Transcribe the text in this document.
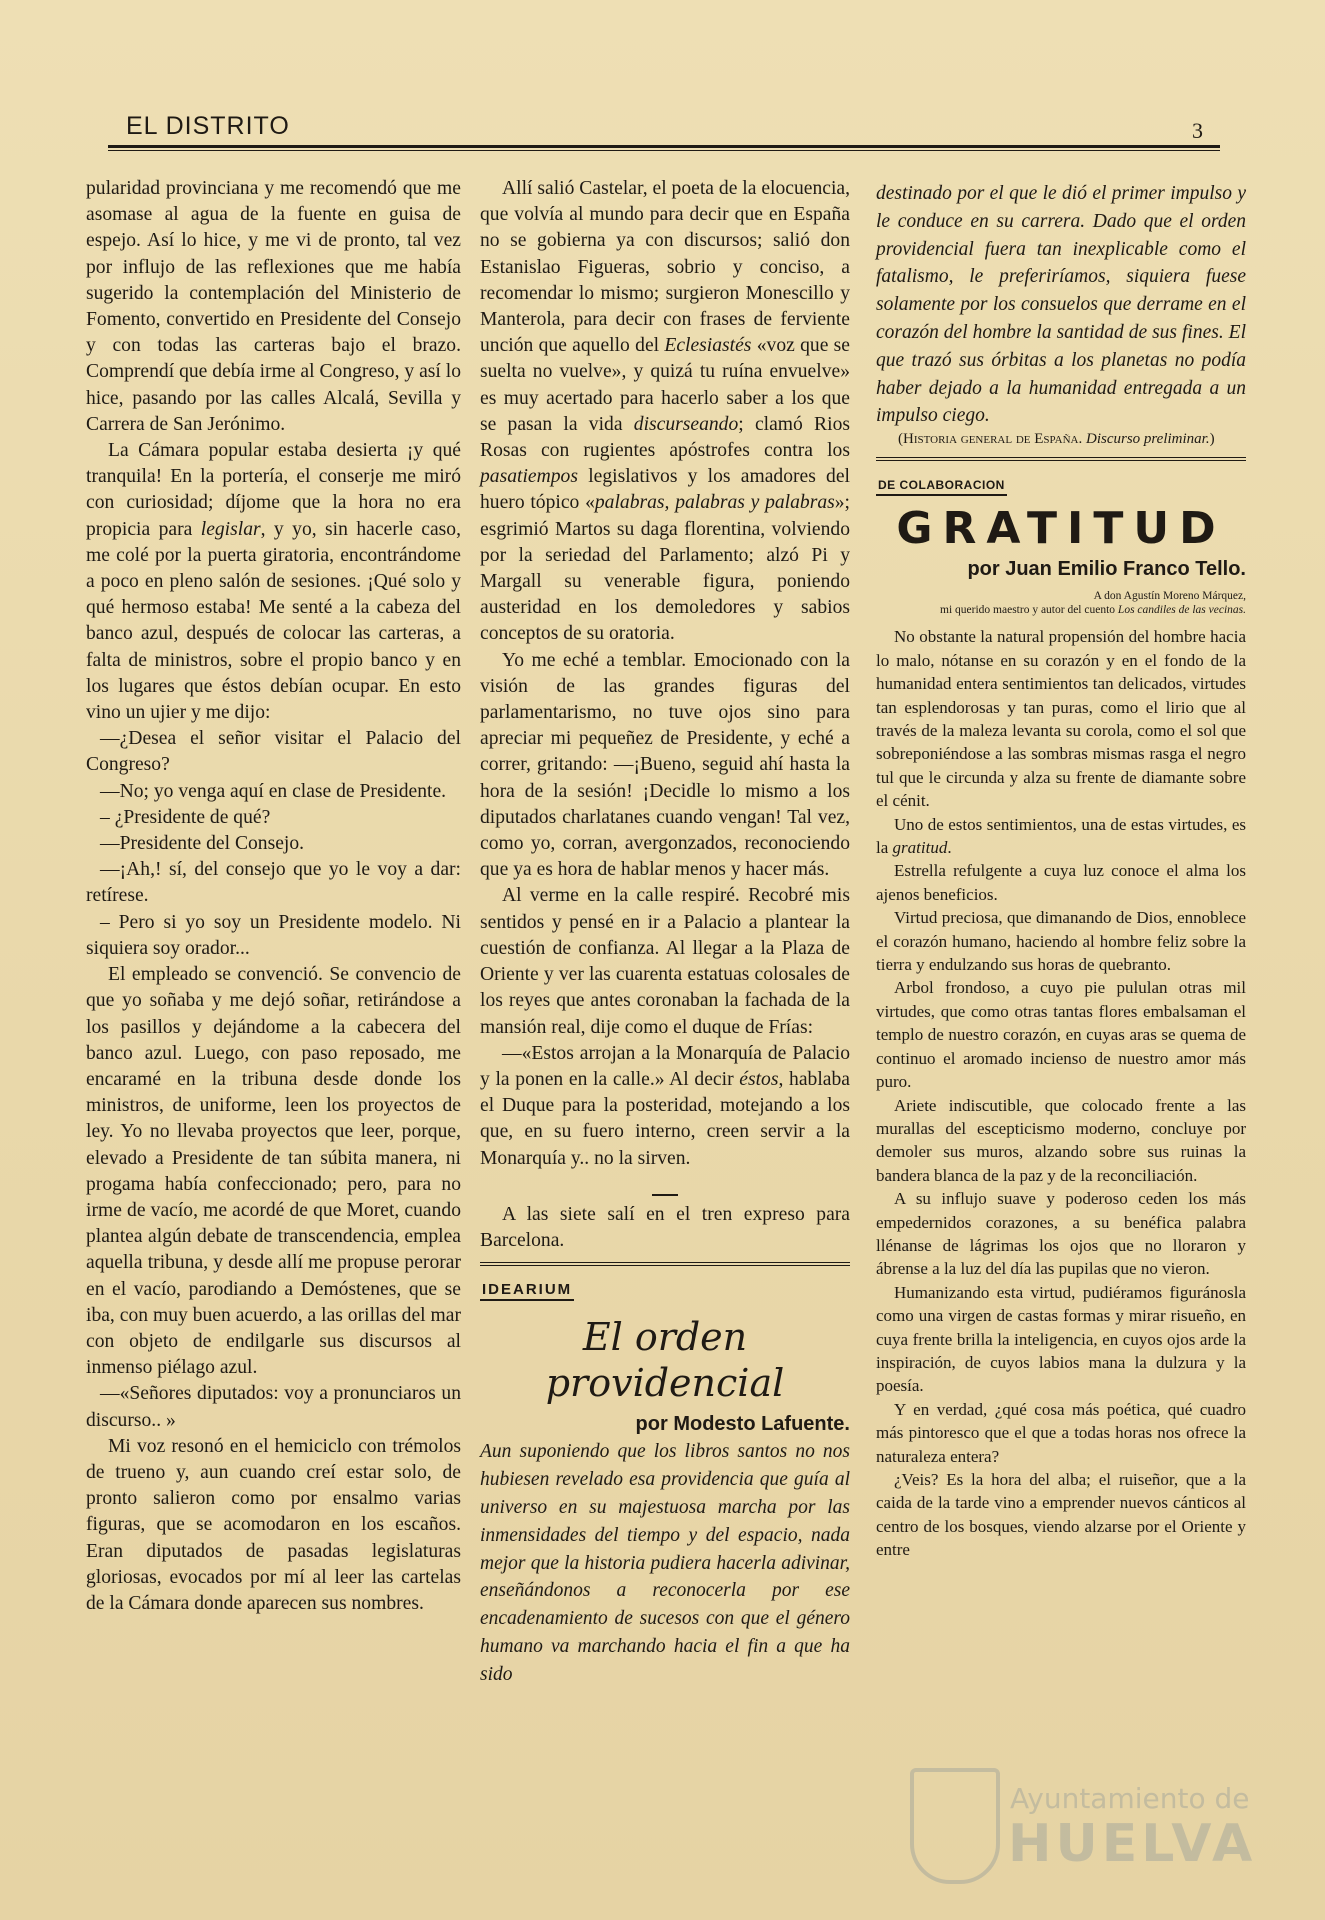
EL DISTRITO	3

pularidad provinciana y me recomendó que me asomase al agua de la fuente en guisa de espejo. Así lo hice, y me vi de pronto, tal vez por influjo de las reflexiones que me había sugerido la contemplación del Ministerio de Fomento, convertido en Presidente del Consejo y con todas las carteras bajo el brazo. Comprendí que debía irme al Congreso, y así lo hice, pasando por las calles Alcalá, Sevilla y Carrera de San Jerónimo.

La Cámara popular estaba desierta ¡y qué tranquila! En la portería, el conserje me miró con curiosidad; díjome que la hora no era propicia para legislar, y yo, sin hacerle caso, me colé por la puerta giratoria, encontrándome a poco en pleno salón de sesiones. ¡Qué solo y qué hermoso estaba! Me senté a la cabeza del banco azul, después de colocar las carteras, a falta de ministros, sobre el propio banco y en los lugares que éstos debían ocupar. En esto vino un ujier y me dijo:

—¿Desea el señor visitar el Palacio del Congreso?

—No; yo venga aquí en clase de Presidente.

– ¿Presidente de qué?

—Presidente del Consejo.

—¡Ah,! sí, del consejo que yo le voy a dar: retírese.

– Pero si yo soy un Presidente modelo. Ni siquiera soy orador...

El empleado se convenció. Se convencio de que yo soñaba y me dejó soñar, retirándose a los pasillos y dejándome a la cabecera del banco azul. Luego, con paso reposado, me encaramé en la tribuna desde donde los ministros, de uniforme, leen los proyectos de ley. Yo no llevaba proyectos que leer, porque, elevado a Presidente de tan súbita manera, ni progama había confeccionado; pero, para no irme de vacío, me acordé de que Moret, cuando plantea algún debate de transcendencia, emplea aquella tribuna, y desde allí me propuse perorar en el vacío, parodiando a Demóstenes, que se iba, con muy buen acuerdo, a las orillas del mar con objeto de endilgarle sus discursos al inmenso piélago azul.

—«Señores diputados: voy a pronunciaros un discurso.. »

Mi voz resonó en el hemiciclo con trémolos de trueno y, aun cuando creí estar solo, de pronto salieron como por ensalmo varias figuras, que se acomodaron en los escaños. Eran diputados de pasadas legislaturas gloriosas, evocados por mí al leer las cartelas de la Cámara donde aparecen sus nombres.

Allí salió Castelar, el poeta de la elocuencia, que volvía al mundo para decir que en España no se gobierna ya con discursos; salió don Estanislao Figueras, sobrio y conciso, a recomendar lo mismo; surgieron Monescillo y Manterola, para decir con frases de ferviente unción que aquello del Eclesiastés «voz que se suelta no vuelve», y quizá tu ruína envuelve» es muy acertado para hacerlo saber a los que se pasan la vida discurseando; clamó Rios Rosas con rugientes apóstrofes contra los pasatiempos legislativos y los amadores del huero tópico «palabras, palabras y palabras»; esgrimió Martos su daga florentina, volviendo por la seriedad del Parlamento; alzó Pi y Margall su venerable figura, poniendo austeridad en los demoledores y sabios conceptos de su oratoria.

Yo me eché a temblar. Emocionado con la visión de las grandes figuras del parlamentarismo, no tuve ojos sino para apreciar mi pequeñez de Presidente, y eché a correr, gritando: —¡Bueno, seguid ahí hasta la hora de la sesión! ¡Decidle lo mismo a los diputados charlatanes cuando vengan! Tal vez, como yo, corran, avergonzados, reconociendo que ya es hora de hablar menos y hacer más.

Al verme en la calle respiré. Recobré mis sentidos y pensé en ir a Palacio a plantear la cuestión de confianza. Al llegar a la Plaza de Oriente y ver las cuarenta estatuas colosales de los reyes que antes coronaban la fachada de la mansión real, dije como el duque de Frías:

—«Estos arrojan a la Monarquía de Palacio y la ponen en la calle.» Al decir éstos, hablaba el Duque para la posteridad, motejando a los que, en su fuero interno, creen servir a la Monarquía y.. no la sirven.

A las siete salí en el tren expreso para Barcelona.

IDEARIUM
El orden providencial
por Modesto Lafuente.

Aun suponiendo que los libros santos no nos hubiesen revelado esa providencia que guía al universo en su majestuosa marcha por las inmensidades del tiempo y del espacio, nada mejor que la historia pudiera hacerla adivinar, enseñándonos a reconocerla por ese encadenamiento de sucesos con que el género humano va marchando hacia el fin a que ha sido

destinado por el que le dió el primer impulso y le conduce en su carrera. Dado que el orden providencial fuera tan inexplicable como el fatalismo, le preferiríamos, siquiera fuese solamente por los consuelos que derrame en el corazón del hombre la santidad de sus fines. El que trazó sus órbitas a los planetas no podía haber dejado a la humanidad entregada a un impulso ciego.

(Historia general de España. Discurso preliminar.)

DE COLABORACION
GRATITUD
por Juan Emilio Franco Tello.
A don Agustín Moreno Márquez,
mi querido maestro y autor del cuento Los candiles de las vecinas.

No obstante la natural propensión del hombre hacia lo malo, nótanse en su corazón y en el fondo de la humanidad entera sentimientos tan delicados, virtudes tan esplendorosas y tan puras, como el lirio que al través de la maleza levanta su corola, como el sol que sobreponiéndose a las sombras mismas rasga el negro tul que le circunda y alza su frente de diamante sobre el cénit.

Uno de estos sentimientos, una de estas virtudes, es la gratitud.

Estrella refulgente a cuya luz conoce el alma los ajenos beneficios.

Virtud preciosa, que dimanando de Dios, ennoblece el corazón humano, haciendo al hombre feliz sobre la tierra y endulzando sus horas de quebranto.

Arbol frondoso, a cuyo pie pululan otras mil virtudes, que como otras tantas flores embalsaman el templo de nuestro corazón, en cuyas aras se quema de continuo el aromado incienso de nuestro amor más puro.

Ariete indiscutible, que colocado frente a las murallas del escepticismo moderno, concluye por demoler sus muros, alzando sobre sus ruinas la bandera blanca de la paz y de la reconciliación.

A su influjo suave y poderoso ceden los más empedernidos corazones, a su benéfica palabra llénanse de lágrimas los ojos que no lloraron y ábrense a la luz del día las pupilas que no vieron.

Humanizando esta virtud, pudiéramos figuránosla como una virgen de castas formas y mirar risueño, en cuya frente brilla la inteligencia, en cuyos ojos arde la inspiración, de cuyos labios mana la dulzura y la poesía.

Y en verdad, ¿qué cosa más poética, qué cuadro más pintoresco que el que a todas horas nos ofrece la naturaleza entera?

¿Veis? Es la hora del alba; el ruiseñor, que a la caida de la tarde vino a emprender nuevos cánticos al centro de los bosques, viendo alzarse por el Oriente y entre

Ayuntamiento de
HUELVA
